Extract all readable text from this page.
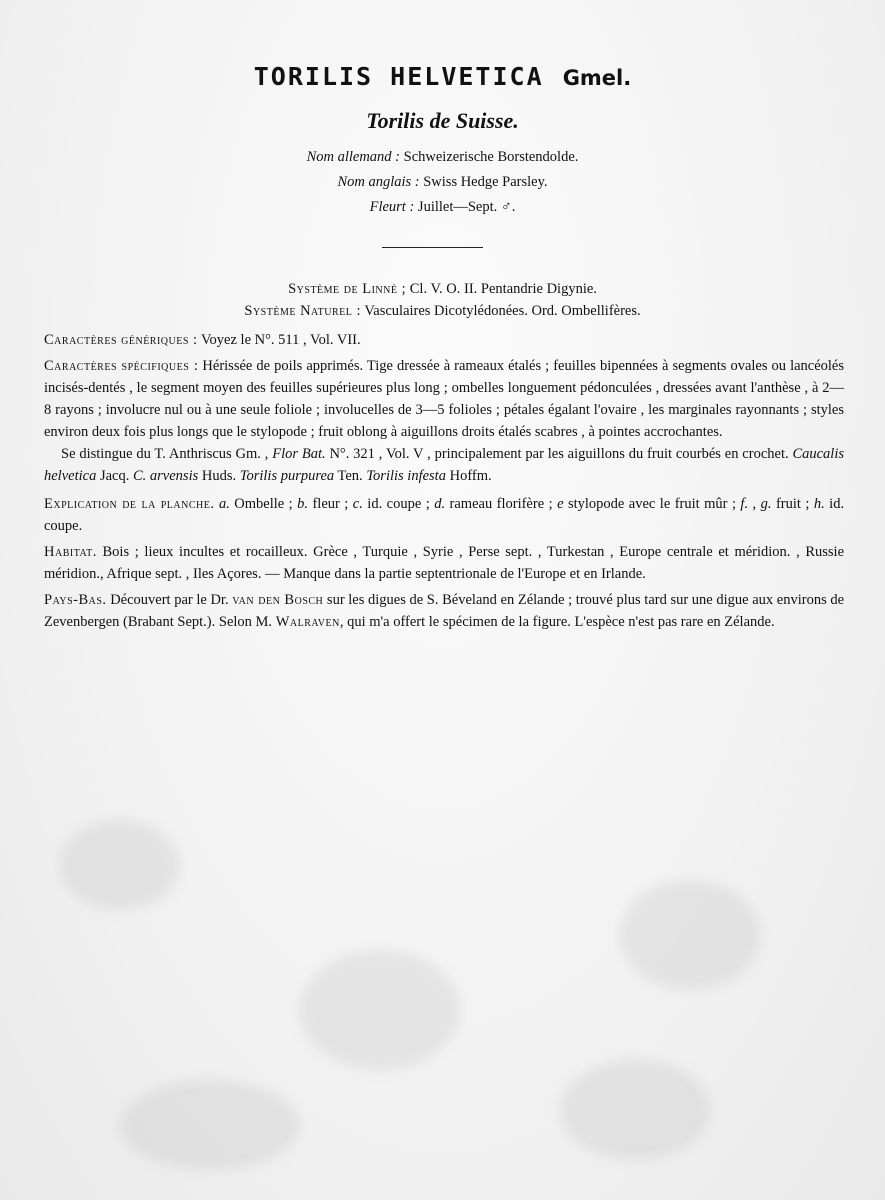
TORILIS HELVETICA Gmel.
Torilis de Suisse.
Nom allemand : Schweizerische Borstendolde.
Nom anglais : Swiss Hedge Parsley.
Fleurt : Juillet—Sept. ♂.
Système de Linné ; Cl. V. O. II. Pentandrie Digynie.
Système Naturel : Vasculaires Dicotylédonées. Ord. Ombellifères.

Caractères génériques : Voyez le N°. 511 , Vol. VII.

Caractères spécifiques : Hérissée de poils apprimés. Tige dressée à rameaux étalés ; feuilles bipennées à segments ovales ou lancéolés incisés-dentés , le segment moyen des feuilles supérieures plus long ; ombelles longuement pédonculées , dressées avant l'anthèse , à 2—8 rayons ; involucre nul ou à une seule foliole ; involucelles de 3—5 folioles ; pétales égalant l'ovaire , les marginales rayonnants ; styles environ deux fois plus longs que le stylopode ; fruit oblong à aiguillons droits étalés scabres , à pointes accrochantes.

Se distingue du T. Anthriscus Gm. , Flor Bat. N°. 321 , Vol. V , principalement par les aiguillons du fruit courbés en crochet. Caucalis helvetica Jacq. C. arvensis Huds. Torilis purpurea Ten. Torilis infesta Hoffm.

Explication de la planche. a. Ombelle ; b. fleur ; c. id. coupe ; d. rameau florifère ; e stylopode avec le fruit mûr ; f. , g. fruit ; h. id. coupe.

Habitat. Bois ; lieux incultes et rocailleux. Grèce , Turquie , Syrie , Perse sept. , Turkestan , Europe centrale et méridion. , Russie méridion., Afrique sept. , Iles Açores. — Manque dans la partie septentrionale de l'Europe et en Irlande.

Pays-Bas. Découvert par le Dr. van den Bosch sur les digues de S. Béveland en Zélande ; trouvé plus tard sur une digue aux environs de Zevenbergen (Brabant Sept.). Selon M. Walraven, qui m'a offert le spécimen de la figure. L'espèce n'est pas rare en Zélande.
